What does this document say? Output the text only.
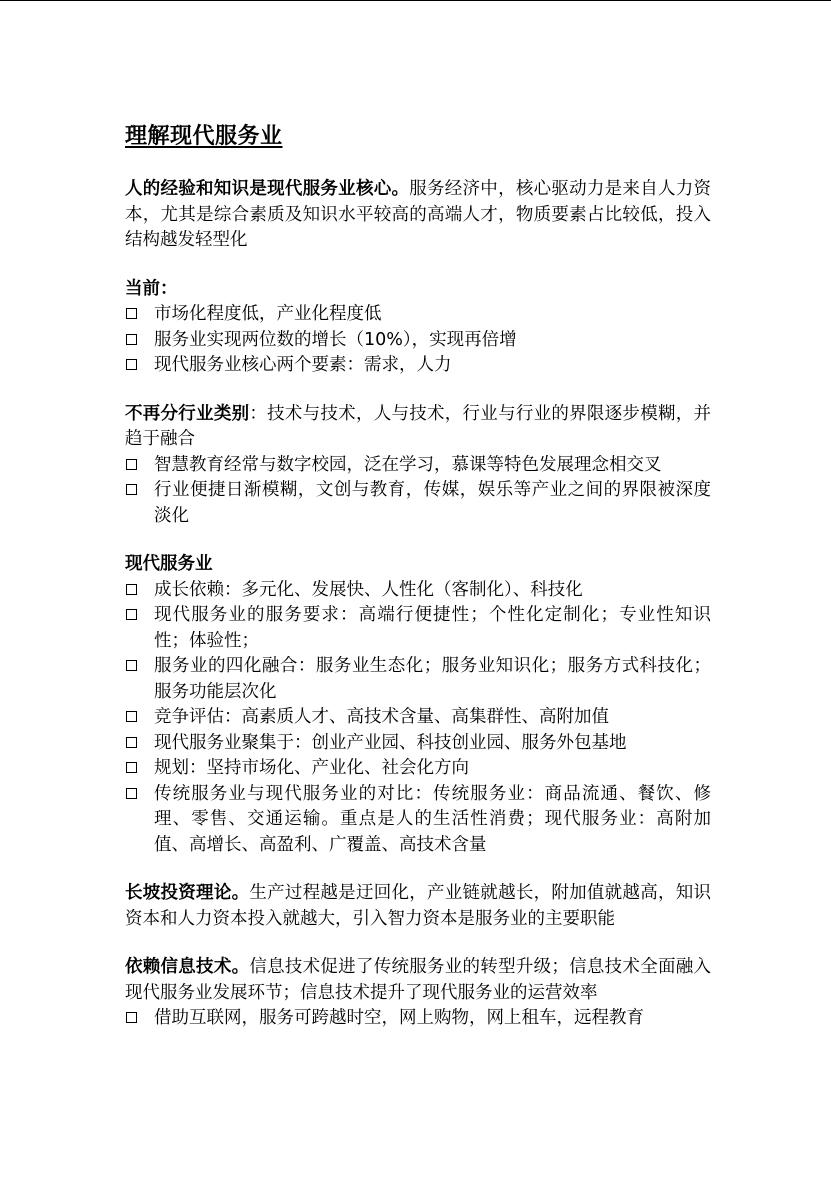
理解现代服务业

人的经验和知识是现代服务业核心。服务经济中，核心驱动力是来自人力资本，尤其是综合素质及知识水平较高的高端人才，物质要素占比较低，投入结构越发轻型化

当前：

市场化程度低，产业化程度低
服务业实现两位数的增长（10%），实现再倍增
现代服务业核心两个要素：需求，人力

不再分行业类别：技术与技术，人与技术，行业与行业的界限逐步模糊，并趋于融合

智慧教育经常与数字校园，泛在学习，慕课等特色发展理念相交叉
行业便捷日渐模糊，文创与教育，传媒，娱乐等产业之间的界限被深度淡化

现代服务业

成长依赖：多元化、发展快、人性化（客制化）、科技化
现代服务业的服务要求：高端行便捷性；个性化定制化；专业性知识性；体验性；
服务业的四化融合：服务业生态化；服务业知识化；服务方式科技化；服务功能层次化
竞争评估：高素质人才、高技术含量、高集群性、高附加值
现代服务业聚集于：创业产业园、科技创业园、服务外包基地
规划：坚持市场化、产业化、社会化方向
传统服务业与现代服务业的对比：传统服务业：商品流通、餐饮、修理、零售、交通运输。重点是人的生活性消费；现代服务业：高附加值、高增长、高盈利、广覆盖、高技术含量

长坡投资理论。生产过程越是迂回化，产业链就越长，附加值就越高，知识资本和人力资本投入就越大，引入智力资本是服务业的主要职能

依赖信息技术。信息技术促进了传统服务业的转型升级；信息技术全面融入现代服务业发展环节；信息技术提升了现代服务业的运营效率

借助互联网，服务可跨越时空，网上购物，网上租车，远程教育
